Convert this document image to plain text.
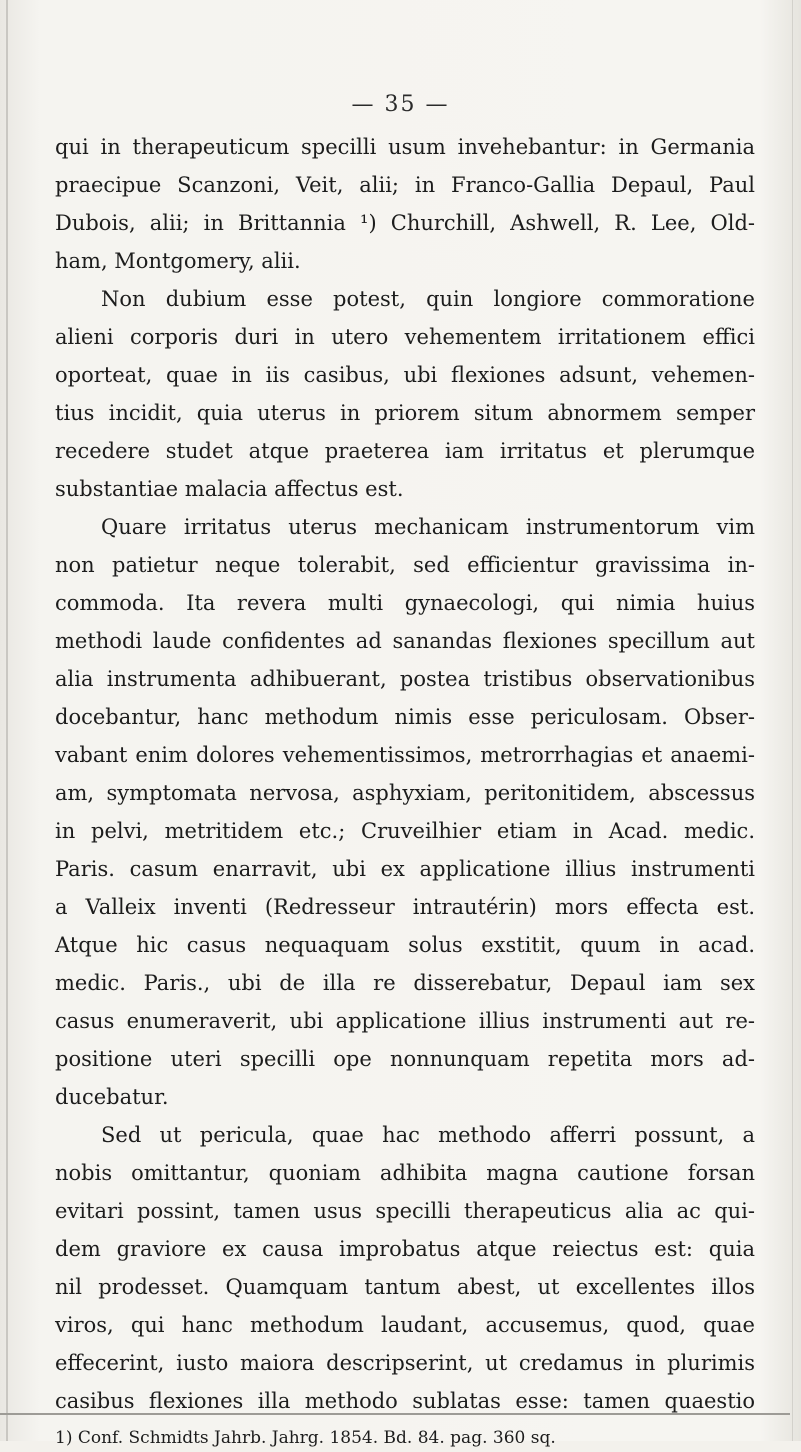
— 35 —
qui in therapeuticum specilli usum invehebantur: in Germania
praecipue Scanzoni, Veit, alii; in Franco-Gallia Depaul, Paul
Dubois, alii; in Brittannia ¹) Churchill, Ashwell, R. Lee, Old-
ham, Montgomery, alii.
Non dubium esse potest, quin longiore commoratione
alieni corporis duri in utero vehementem irritationem effici
oporteat, quae in iis casibus, ubi flexiones adsunt, vehemen-
tius incidit, quia uterus in priorem situm abnormem semper
recedere studet atque praeterea iam irritatus et plerumque
substantiae malacia affectus est.
Quare irritatus uterus mechanicam instrumentorum vim
non patietur neque tolerabit, sed efficientur gravissima in-
commoda. Ita revera multi gynaecologi, qui nimia huius
methodi laude confidentes ad sanandas flexiones specillum aut
alia instrumenta adhibuerant, postea tristibus observationibus
docebantur, hanc methodum nimis esse periculosam. Obser-
vabant enim dolores vehementissimos, metrorrhagias et anaemi-
am, symptomata nervosa, asphyxiam, peritonitidem, abscessus
in pelvi, metritidem etc.; Cruveilhier etiam in Acad. medic.
Paris. casum enarravit, ubi ex applicatione illius instrumenti
a Valleix inventi (Redresseur intrautérin) mors effecta est.
Atque hic casus nequaquam solus exstitit, quum in acad.
medic. Paris., ubi de illa re disserebatur, Depaul iam sex
casus enumeraverit, ubi applicatione illius instrumenti aut re-
positione uteri specilli ope nonnunquam repetita mors ad-
ducebatur.
Sed ut pericula, quae hac methodo afferri possunt, a
nobis omittantur, quoniam adhibita magna cautione forsan
evitari possint, tamen usus specilli therapeuticus alia ac qui-
dem graviore ex causa improbatus atque reiectus est: quia
nil prodesset. Quamquam tantum abest, ut excellentes illos
viros, qui hanc methodum laudant, accusemus, quod, quae
effecerint, iusto maiora descripserint, ut credamus in plurimis
casibus flexiones illa methodo sublatas esse: tamen quaestio
1) Conf. Schmidts Jahrb. Jahrg. 1854. Bd. 84. pag. 360 sq.
